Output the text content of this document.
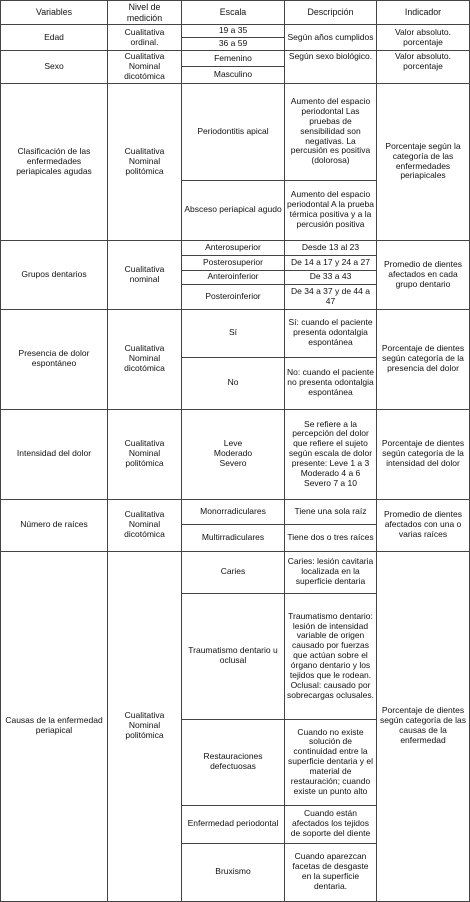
Variables	Nivel de medición	Escala	Descripción	Indicador
Edad	Cualitativa ordinal.	19 a 35	Según años cumplidos	Valor absoluto. porcentaje
		36 a 59		
Sexo	Cualitativa Nominal dicotómica	Femenino	Según sexo biológico.	Valor absoluto. porcentaje
		Masculino		
Clasificación de las enfermedades periapicales agudas	Cualitativa Nominal politómica	Periodontitis apical	Aumento del espacio periodontal Las pruebas de sensibilidad son negativas. La percusión es positiva (dolorosa)	Porcentaje según la categoría de las enfermedades periapicales
		Absceso periapical agudo	Aumento del espacio periodontal A la prueba térmica positiva y a la percusión positiva	
Grupos dentarios	Cualitativa nominal	Anterosuperior	Desde 13 al 23	Promedio de dientes afectados en cada grupo dentario
		Posterosuperior	De 14 a 17 y 24 a 27	
		Anteroinferior	De 33 a 43	
		Posteroinferior	De 34 a 37 y de 44 a 47	
Presencia de dolor espontáneo	Cualitativa Nominal dicotómica	Sí	Sí: cuando el paciente presenta odontalgia espontánea	Porcentaje de dientes según categoría de la presencia del dolor
		No	No: cuando el paciente no presenta odontalgia espontánea	
Intensidad del dolor	Cualitativa Nominal politómica	Leve Moderado Severo	Se refiere a la percepción del dolor que refiere el sujeto según escala de dolor presente: Leve 1 a 3 Moderado 4 a 6 Severo 7 a 10	Porcentaje de dientes según categoría de la intensidad del dolor
Número de raíces	Cualitativa Nominal dicotómica	Monorradiculares	Tiene una sola raíz	Promedio de dientes afectados con una o varias raíces
		Multirradiculares	Tiene dos o tres raíces	
Causas de la enfermedad periapical	Cualitativa Nominal politómica	Caries	Caries: lesión cavitaria localizada en la superficie dentaria	Porcentaje de dientes según categoría de las causas de la enfermedad
		Traumatismo dentario u oclusal	Traumatismo dentario: lesión de intensidad variable de origen causado por fuerzas que actúan sobre el órgano dentario y los tejidos que le rodean. Oclusal: causado por sobrecargas oclusales.	
		Restauraciones defectuosas	Cuando no existe solución de continuidad entre la superficie dentaria y el material de restauración; cuando existe un punto alto	
		Enfermedad periodontal	Cuando están afectados los tejidos de soporte del diente	
		Bruxismo	Cuando aparezcan facetas de desgaste en la superficie dentaria.	
